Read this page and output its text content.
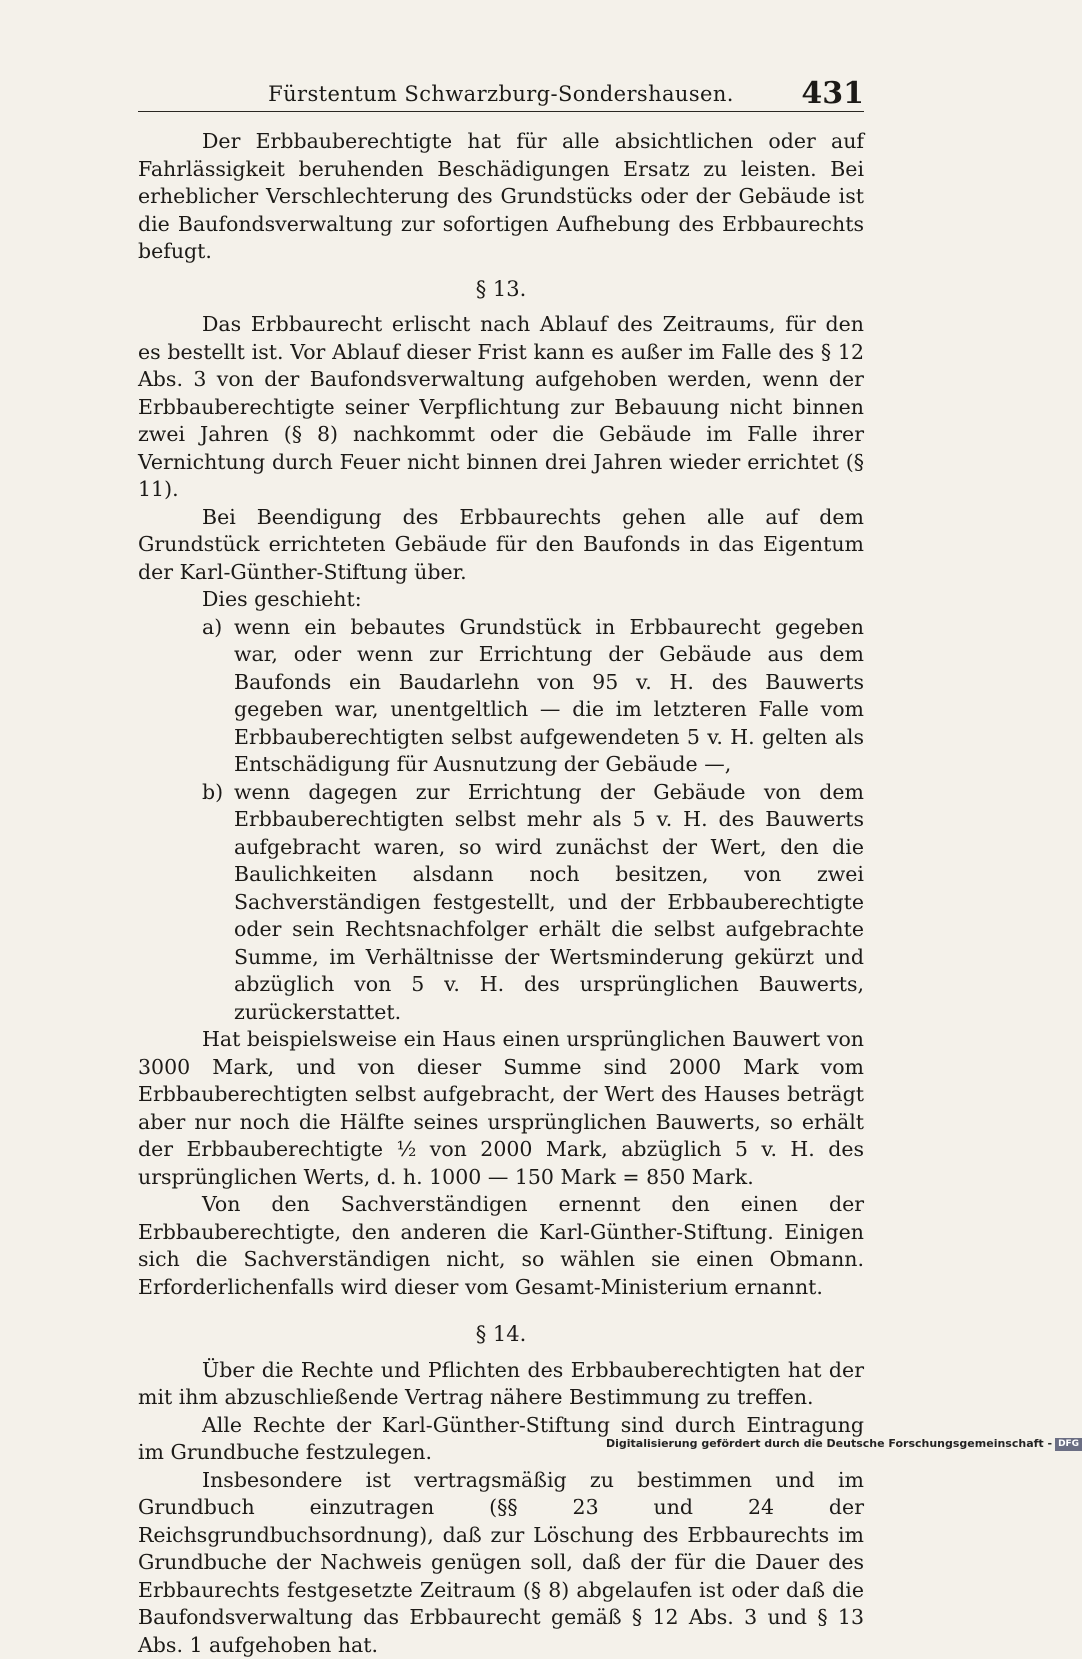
Fürstentum Schwarzburg-Sondershausen.	431

Der Erbbauberechtigte hat für alle absichtlichen oder auf Fahrlässigkeit beruhenden Beschädigungen Ersatz zu leisten. Bei erheblicher Verschlechterung des Grundstücks oder der Gebäude ist die Baufondsverwaltung zur sofortigen Aufhebung des Erbbaurechts befugt.

§ 13.

Das Erbbaurecht erlischt nach Ablauf des Zeitraums, für den es bestellt ist. Vor Ablauf dieser Frist kann es außer im Falle des § 12 Abs. 3 von der Baufondsverwaltung aufgehoben werden, wenn der Erbbauberechtigte seiner Verpflichtung zur Bebauung nicht binnen zwei Jahren (§ 8) nachkommt oder die Gebäude im Falle ihrer Vernichtung durch Feuer nicht binnen drei Jahren wieder errichtet (§ 11).

Bei Beendigung des Erbbaurechts gehen alle auf dem Grundstück errichteten Gebäude für den Baufonds in das Eigentum der Karl-Günther-Stiftung über.

Dies geschieht:

a) wenn ein bebautes Grundstück in Erbbaurecht gegeben war, oder wenn zur Errichtung der Gebäude aus dem Baufonds ein Baudarlehn von 95 v. H. des Bauwerts gegeben war, unentgeltlich — die im letzteren Falle vom Erbbauberechtigten selbst aufgewendeten 5 v. H. gelten als Entschädigung für Ausnutzung der Gebäude —,

b) wenn dagegen zur Errichtung der Gebäude von dem Erbbauberechtigten selbst mehr als 5 v. H. des Bauwerts aufgebracht waren, so wird zunächst der Wert, den die Baulichkeiten alsdann noch besitzen, von zwei Sachverständigen festgestellt, und der Erbbauberechtigte oder sein Rechtsnachfolger erhält die selbst aufgebrachte Summe, im Verhältnisse der Wertsminderung gekürzt und abzüglich von 5 v. H. des ursprünglichen Bauwerts, zurückerstattet.

Hat beispielsweise ein Haus einen ursprünglichen Bauwert von 3000 Mark, und von dieser Summe sind 2000 Mark vom Erbbauberechtigten selbst aufgebracht, der Wert des Hauses beträgt aber nur noch die Hälfte seines ursprünglichen Bauwerts, so erhält der Erbbauberechtigte ½ von 2000 Mark, abzüglich 5 v. H. des ursprünglichen Werts, d. h. 1000 — 150 Mark = 850 Mark.

Von den Sachverständigen ernennt den einen der Erbbauberechtigte, den anderen die Karl-Günther-Stiftung. Einigen sich die Sachverständigen nicht, so wählen sie einen Obmann. Erforderlichenfalls wird dieser vom Gesamt-Ministerium ernannt.

§ 14.

Über die Rechte und Pflichten des Erbbauberechtigten hat der mit ihm abzuschließende Vertrag nähere Bestimmung zu treffen.

Alle Rechte der Karl-Günther-Stiftung sind durch Eintragung im Grundbuche festzulegen.

Insbesondere ist vertragsmäßig zu bestimmen und im Grundbuch einzutragen (§§ 23 und 24 der Reichsgrundbuchsordnung), daß zur Löschung des Erbbaurechts im Grundbuche der Nachweis genügen soll, daß der für die Dauer des Erbbaurechts festgesetzte Zeitraum (§ 8) abgelaufen ist oder daß die Baufondsverwaltung das Erbbaurecht gemäß § 12 Abs. 3 und § 13 Abs. 1 aufgehoben hat.

Digitalisierung gefördert durch die Deutsche Forschungsgemeinschaft - DFG
